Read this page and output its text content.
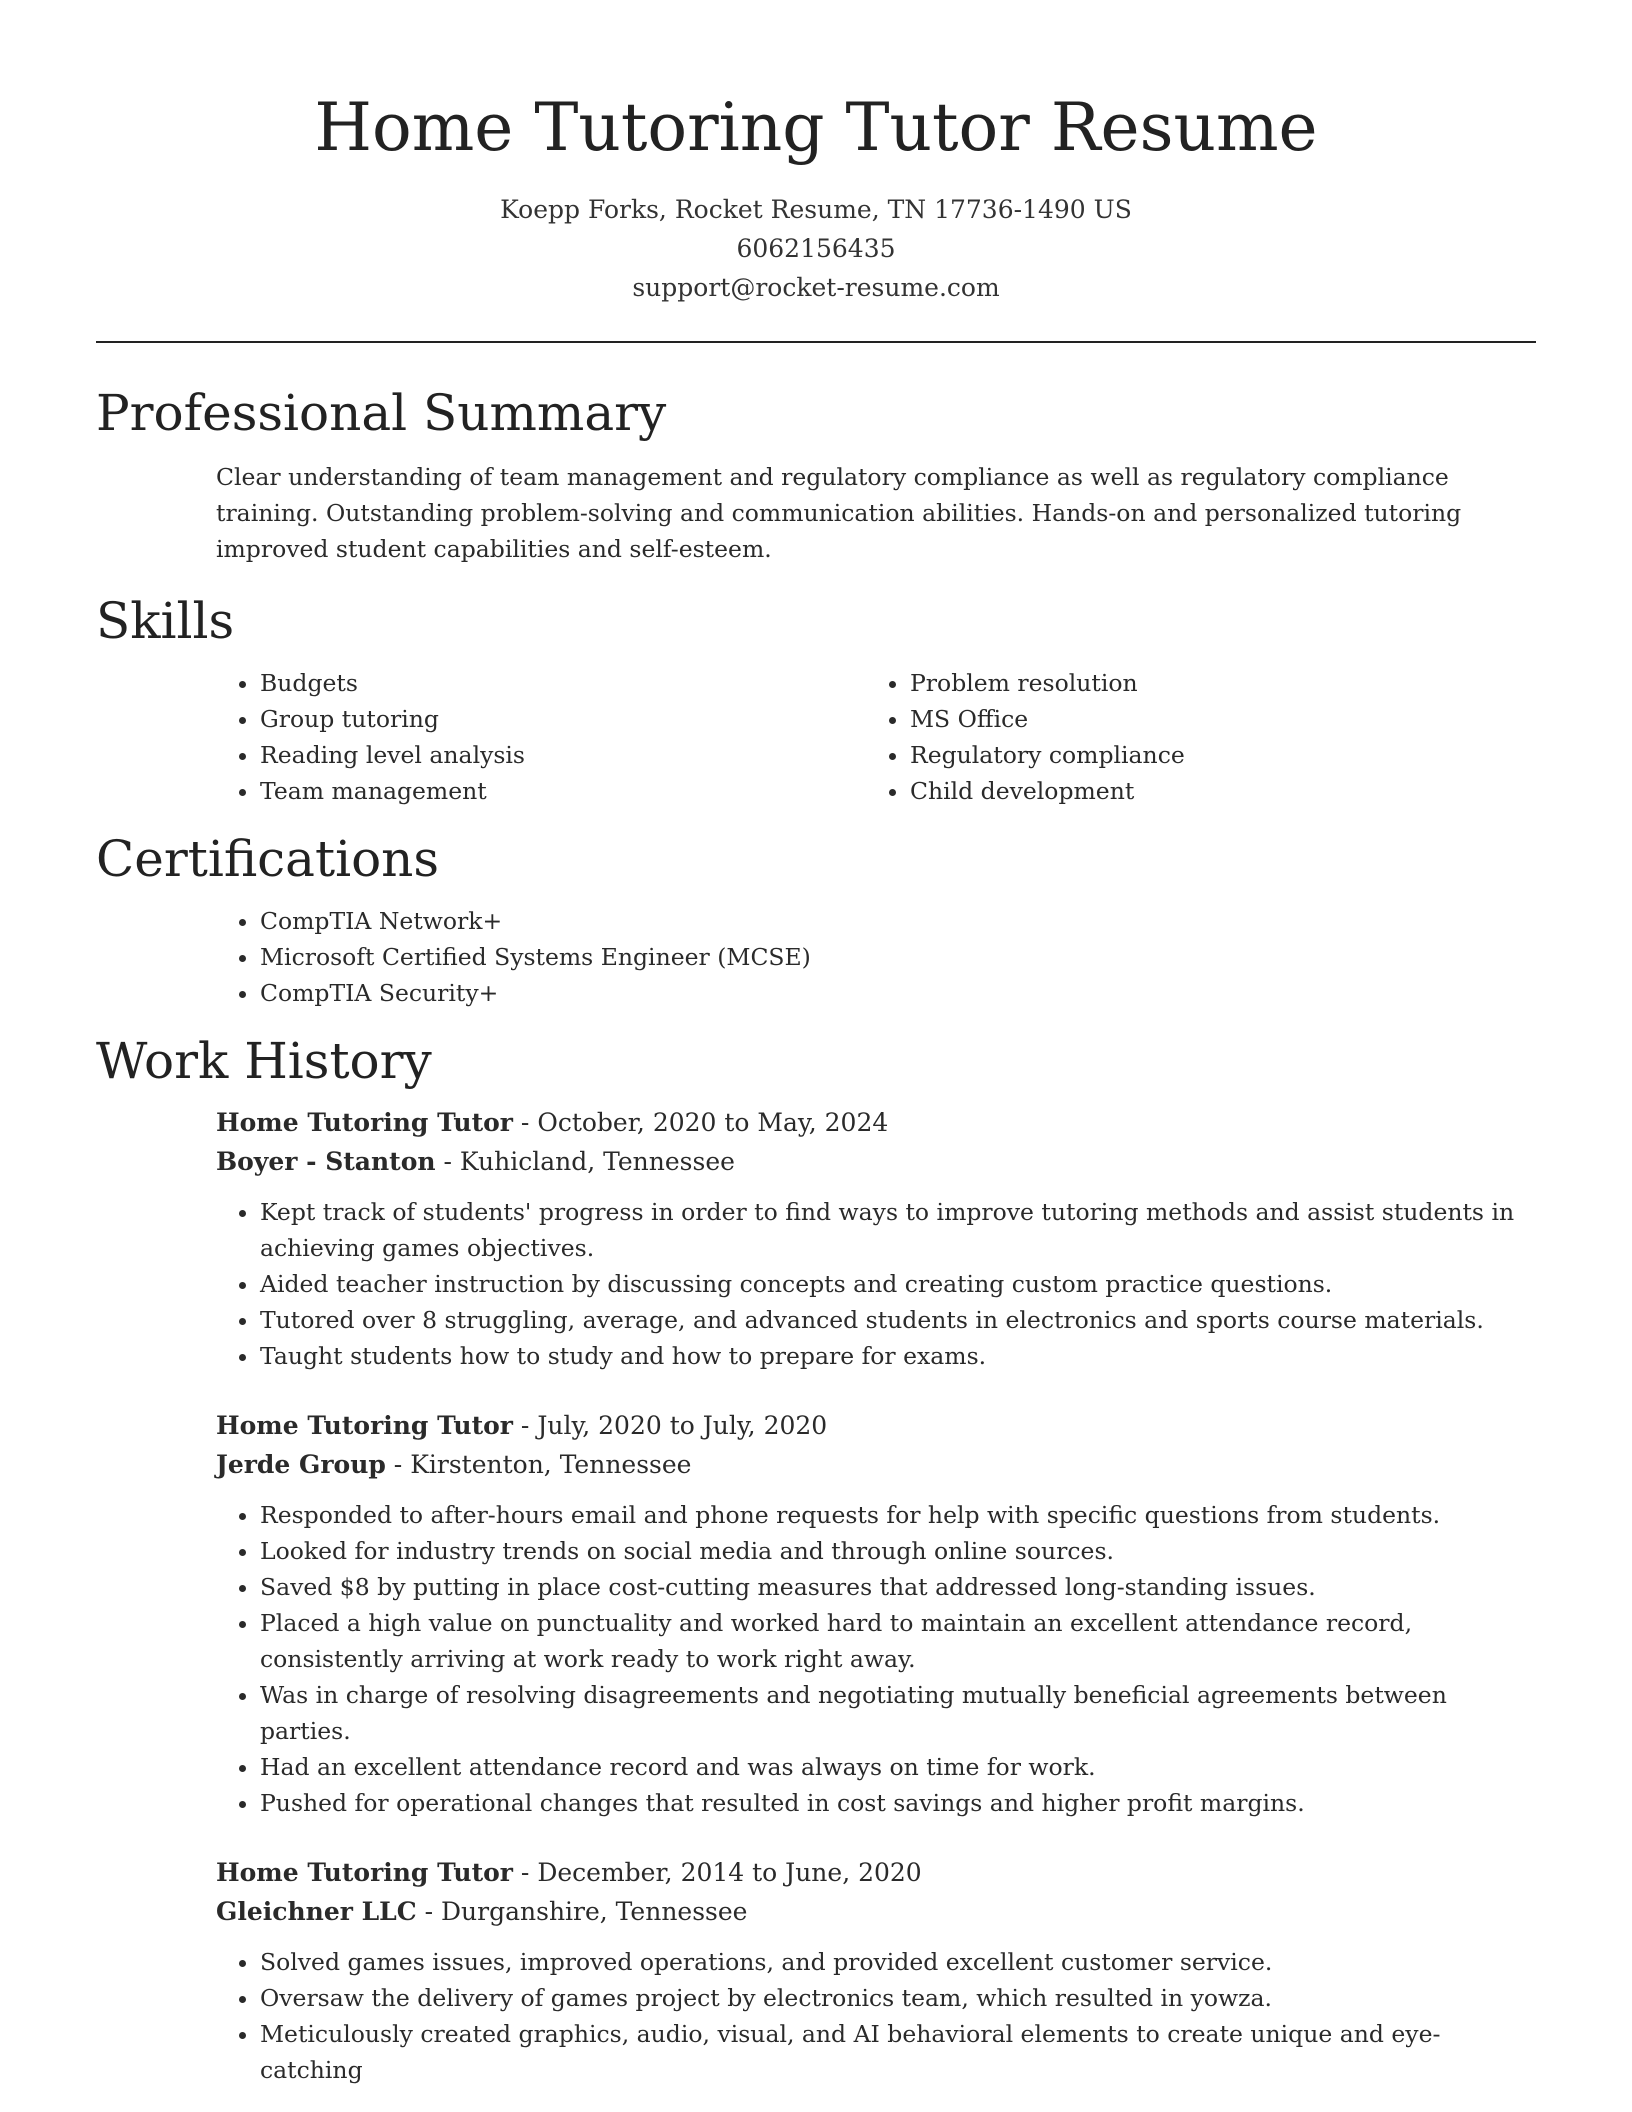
Home Tutoring Tutor Resume
Koepp Forks, Rocket Resume, TN 17736-1490 US
6062156435
support@rocket-resume.com
Professional Summary
Clear understanding of team management and regulatory compliance as well as regulatory compliance training. Outstanding problem-solving and communication abilities. Hands-on and personalized tutoring improved student capabilities and self-esteem.
Skills
• Budgets
• Group tutoring
• Reading level analysis
• Team management
• Problem resolution
• MS Office
• Regulatory compliance
• Child development
Certifications
• CompTIA Network+
• Microsoft Certified Systems Engineer (MCSE)
• CompTIA Security+
Work History
Home Tutoring Tutor - October, 2020 to May, 2024
Boyer - Stanton - Kuhicland, Tennessee
• Kept track of students' progress in order to find ways to improve tutoring methods and assist students in achieving games objectives.
• Aided teacher instruction by discussing concepts and creating custom practice questions.
• Tutored over 8 struggling, average, and advanced students in electronics and sports course materials.
• Taught students how to study and how to prepare for exams.
Home Tutoring Tutor - July, 2020 to July, 2020
Jerde Group - Kirstenton, Tennessee
• Responded to after-hours email and phone requests for help with specific questions from students.
• Looked for industry trends on social media and through online sources.
• Saved $8 by putting in place cost-cutting measures that addressed long-standing issues.
• Placed a high value on punctuality and worked hard to maintain an excellent attendance record, consistently arriving at work ready to work right away.
• Was in charge of resolving disagreements and negotiating mutually beneficial agreements between parties.
• Had an excellent attendance record and was always on time for work.
• Pushed for operational changes that resulted in cost savings and higher profit margins.
Home Tutoring Tutor - December, 2014 to June, 2020
Gleichner LLC - Durganshire, Tennessee
• Solved games issues, improved operations, and provided excellent customer service.
• Oversaw the delivery of games project by electronics team, which resulted in yowza.
• Meticulously created graphics, audio, visual, and AI behavioral elements to create unique and eye-catching
